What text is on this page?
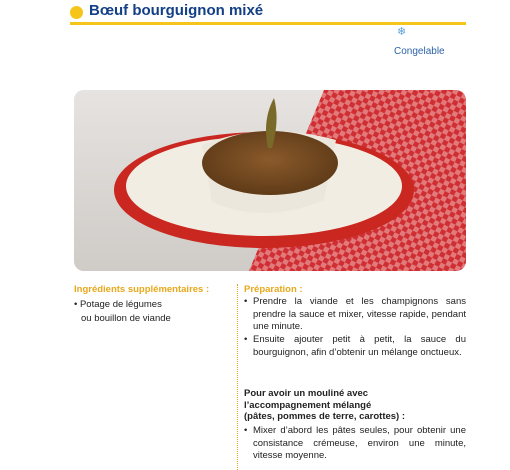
Bœuf bourguignon mixé
❄
Congelable
Ingrédients supplémentaires :
• Potage de légumes
ou bouillon de viande
Préparation :
• Prendre la viande et les champignons sans prendre la sauce et mixer, vitesse rapide, pendant une minute.
• Ensuite ajouter petit à petit, la sauce du bourguignon, afin d’obtenir un mélange onctueux.
Pour avoir un mouliné avec
l’accompagnement mélangé
(pâtes, pommes de terre, carottes) :
• Mixer d’abord les pâtes seules, pour obtenir une consistance crémeuse, environ une minute, vitesse moyenne.
